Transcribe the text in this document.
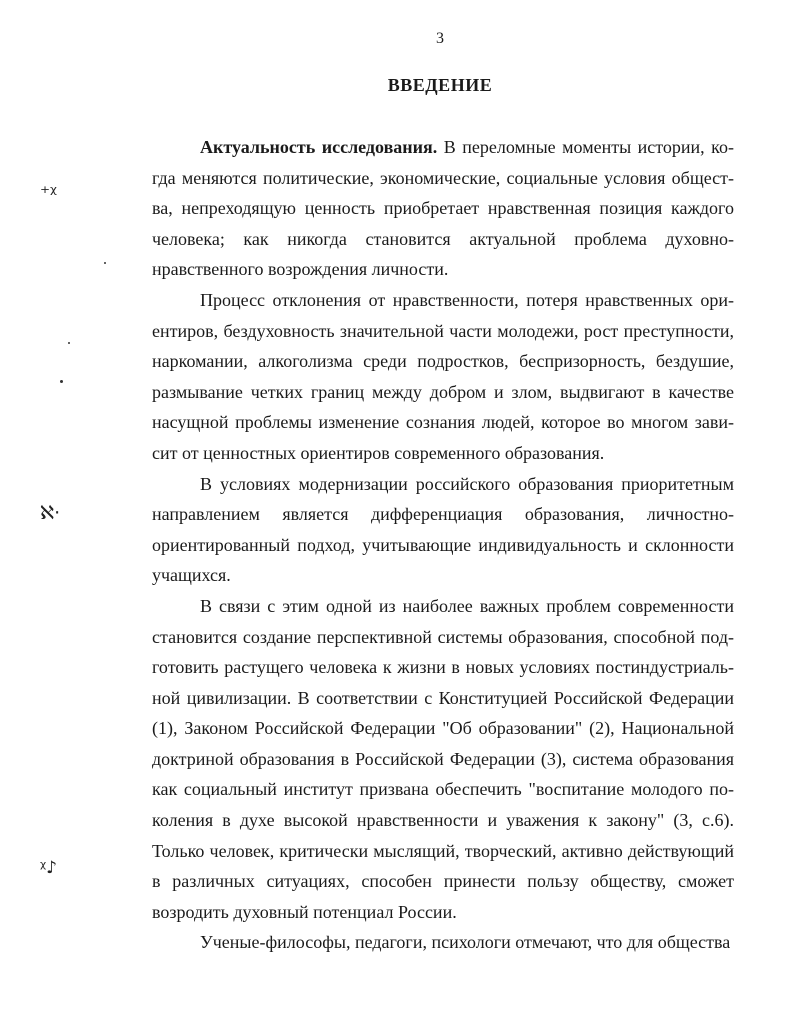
3
ВВЕДЕНИЕ
⁺ᵡ
ℵ·
ᵡ♪

Актуальность исследования. В переломные моменты истории, когда меняются политические, экономические, социальные условия общества, непреходящую ценность приобретает нравственная позиция каждого человека; как никогда становится актуальной проблема духовно-нравственного возрождения личности.

Процесс отклонения от нравственности, потеря нравственных ориентиров, бездуховность значительной части молодежи, рост преступности, наркомании, алкоголизма среди подростков, беспризорность, бездушие, размывание четких границ между добром и злом, выдвигают в качестве насущной проблемы изменение сознания людей, которое во многом зависит от ценностных ориентиров современного образования.

В условиях модернизации российского образования приоритетным направлением является дифференциация образования, личностно-ориентированный подход, учитывающие индивидуальность и склонности учащихся.

В связи с этим одной из наиболее важных проблем современности становится создание перспективной системы образования, способной подготовить растущего человека к жизни в новых условиях постиндустриальной цивилизации. В соответствии с Конституцией Российской Федерации (1), Законом Российской Федерации "Об образовании" (2), Национальной доктриной образования в Российской Федерации (3), система образования как социальный институт призвана обеспечить "воспитание молодого поколения в духе высокой нравственности и уважения к закону" (3, с.6). Только человек, критически мыслящий, творческий, активно действующий в различных ситуациях, способен принести пользу обществу, сможет возродить духовный потенциал России.

Ученые-философы, педагоги, психологи отмечают, что для общества
